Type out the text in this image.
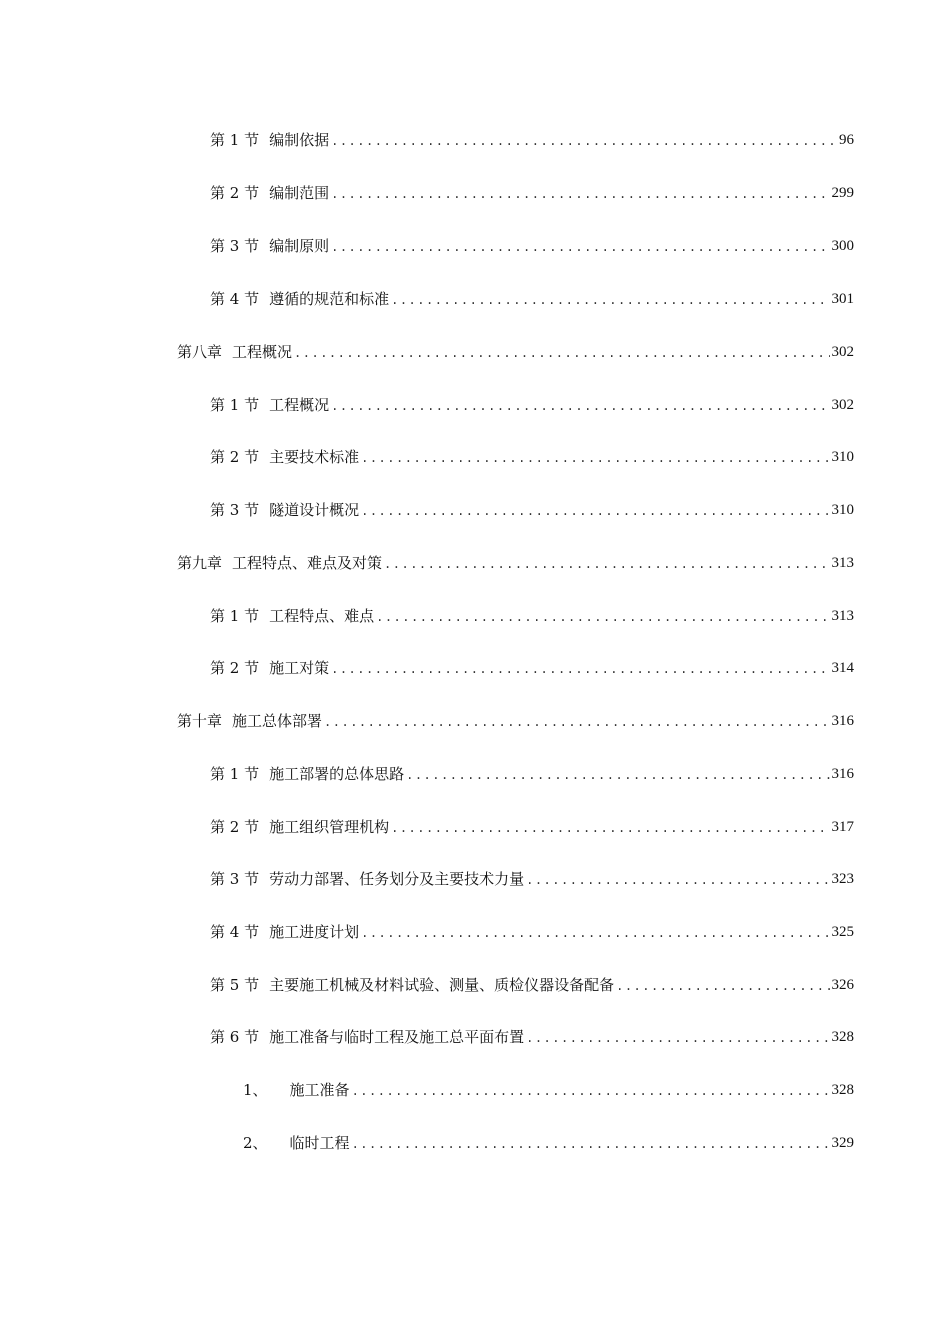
第 1 节 编制依据 .....	96
第 2 节 编制范围 .....	299
第 3 节 编制原则 .....	300
第 4 节 遵循的规范和标准 .....	301
第八章 工程概况 .....	302
第 1 节 工程概况 .....	302
第 2 节 主要技术标准 .....	310
第 3 节 隧道设计概况 .....	310
第九章 工程特点、难点及对策 .....	313
第 1 节 工程特点、难点 .....	313
第 2 节 施工对策 .....	314
第十章 施工总体部署 .....	316
第 1 节 施工部署的总体思路 .....	316
第 2 节 施工组织管理机构 .....	317
第 3 节 劳动力部署、任务划分及主要技术力量 .....	323
第 4 节 施工进度计划 .....	325
第 5 节 主要施工机械及材料试验、测量、质检仪器设备配备 .....	326
第 6 节 施工准备与临时工程及施工总平面布置 .....	328
1、 施工准备 .....	328
2、 临时工程 .....	329
